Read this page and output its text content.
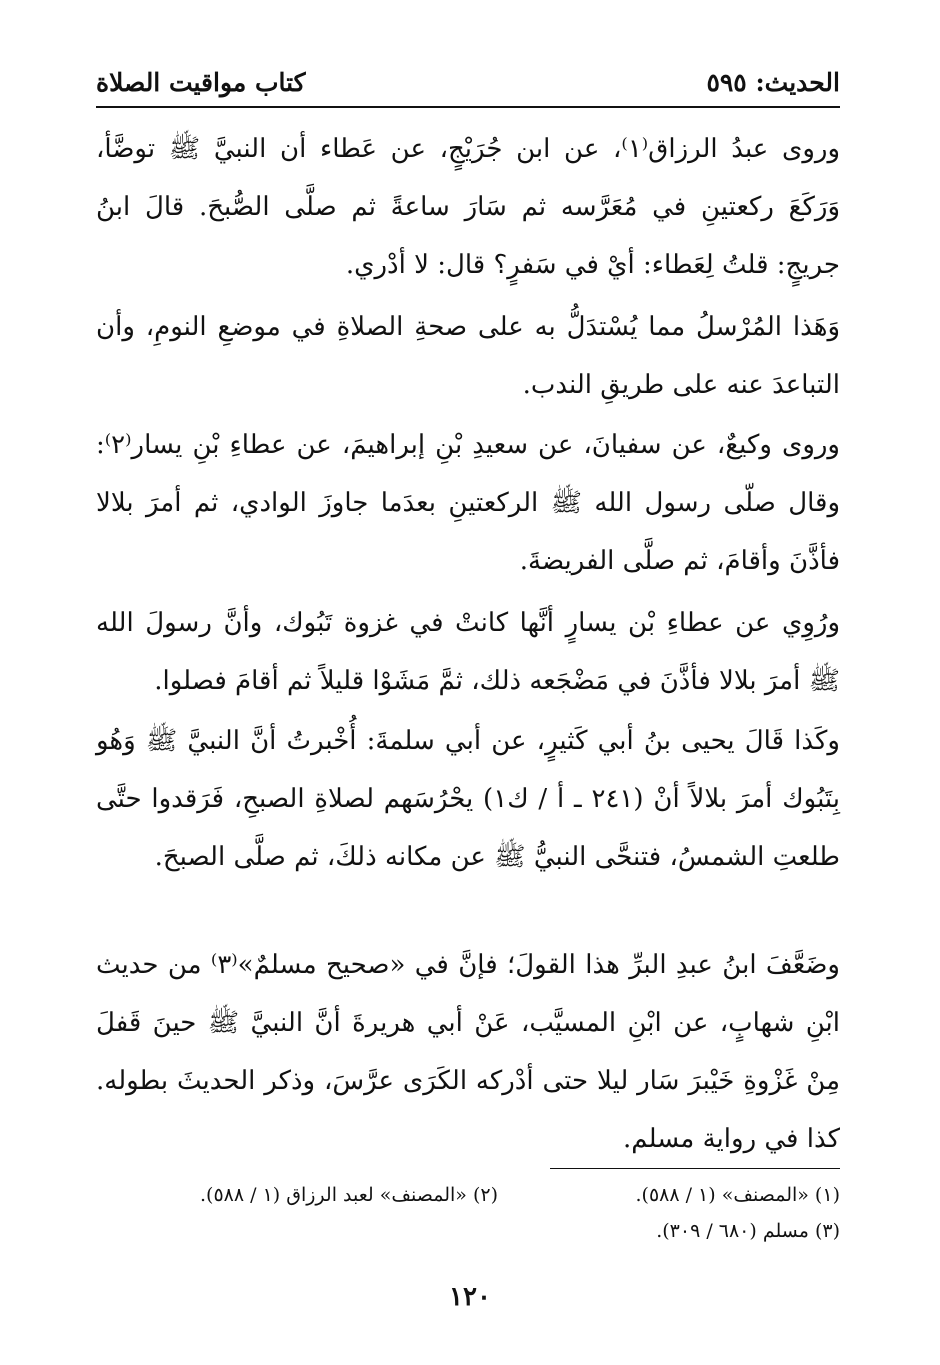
الحديث: ٥٩٥
كتاب مواقيت الصلاة
وروى عبدُ الرزاق⁽١⁾، عن ابن جُرَيْجٍ، عن عَطاء أن النبيَّ ﷺ توضَّأ، وَرَكَعَ ركعتينِ في مُعَرَّسه ثم سَارَ ساعةً ثم صلَّى الصُّبحَ. قالَ ابنُ جريجٍ: قلتُ لِعَطاء: أيْ في سَفرٍ؟ قال: لا أدْري.
وَهَذا المُرْسلُ مما يُسْتدَلُّ به على صحةِ الصلاةِ في موضعِ النومِ، وأن التباعدَ عنه على طريقِ الندب.
وروى وكيعٌ، عن سفيانَ، عن سعيدِ بْنِ إبراهيمَ، عن عطاءِ بْنِ يسار⁽٢⁾: وقال صلّى رسول الله ﷺ الركعتينِ بعدَما جاوزَ الوادي، ثم أمرَ بلالا فأذَّنَ وأقامَ، ثم صلَّى الفريضةَ.
ورُوِي عن عطاءِ بْن يسارٍ أنَّها كانتْ في غزوة تَبُوك، وأنَّ رسولَ الله ﷺ أمرَ بلالا فأذَّنَ في مَضْجَعه ذلك، ثمَّ مَشَوْا قليلاً ثم أقامَ فصلوا.
وكَذا قَالَ يحيى بنُ أبي كَثيرٍ، عن أبي سلمةَ: أُخْبرتُ أنَّ النبيَّ ﷺ وَهُو بِتَبُوك أمرَ بلالاً أنْ (٢٤١ ـ أ / ك١) يحْرُسَهم لصلاةِ الصبحِ، فَرَقدوا حتَّى طلعتِ الشمسُ، فتنحَّى النبيُّ ﷺ عن مكانه ذلكَ، ثم صلَّى الصبحَ.
وضَعَّفَ ابنُ عبدِ البرِّ هذا القولَ؛ فإنَّ في «صحيح مسلمٌ»⁽٣⁾ من حديث ابْنِ شهابٍ، عن ابْنِ المسيَّب، عَنْ أبي هريرةَ أنَّ النبيَّ ﷺ حينَ قَفلَ مِنْ غَزْوةِ خَيْبرَ سَار ليلا حتى أدْركه الكَرَى عرَّسَ، وذكر الحديثَ بطوله. كذا في رواية مسلم.
(١) «المصنف» (١ / ٥٨٨).
(٢) «المصنف» لعبد الرزاق (١ / ٥٨٨).
(٣) مسلم (٦٨٠ / ٣٠٩).
١٢٠
